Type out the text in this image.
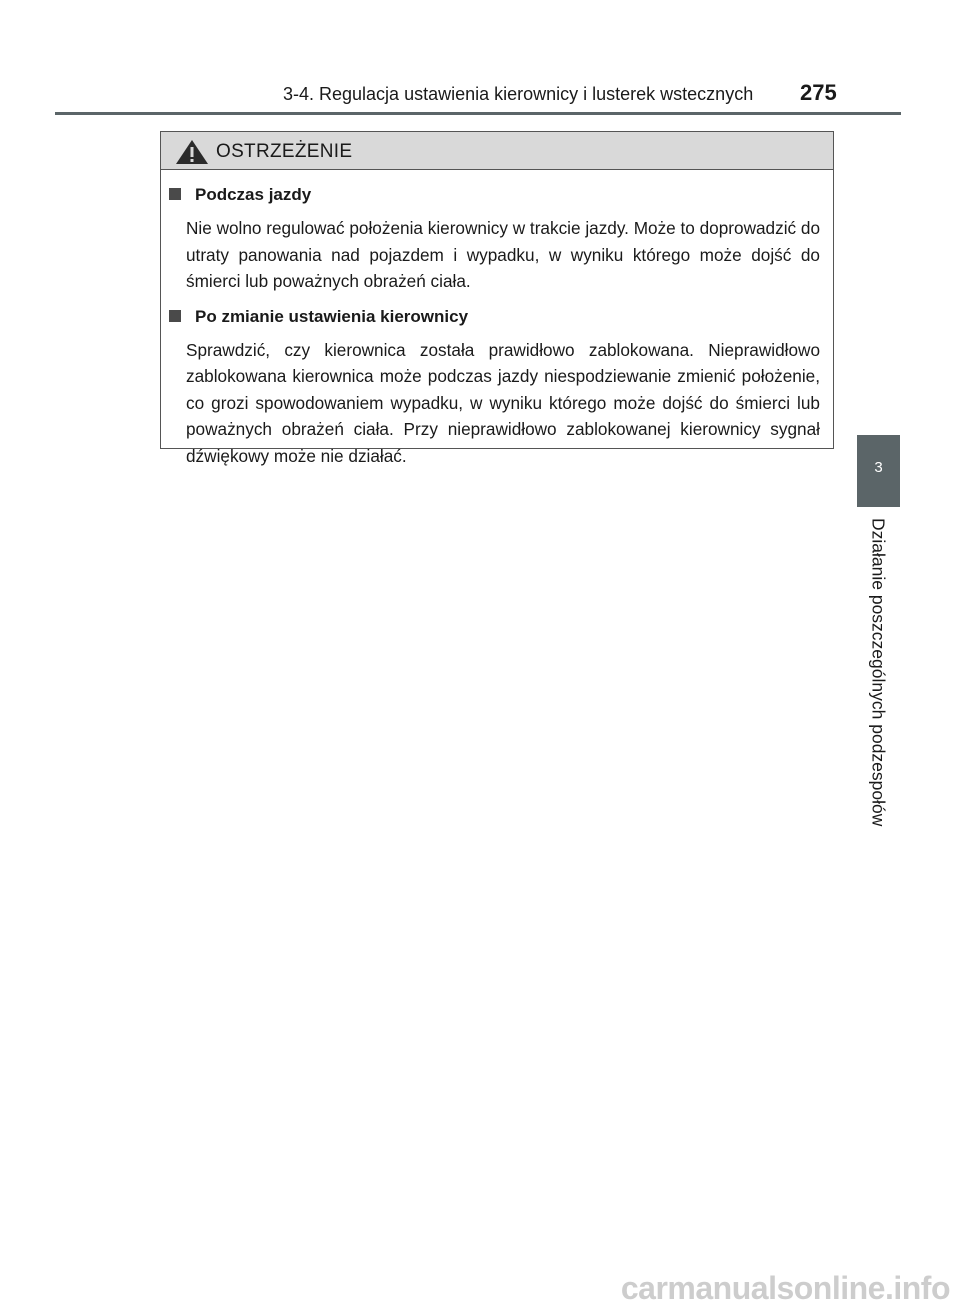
3-4. Regulacja ustawienia kierownicy i lusterek wstecznych	275
OSTRZEŻENIE
Podczas jazdy
Nie wolno regulować położenia kierownicy w trakcie jazdy. Może to doprowadzić do utraty panowania nad pojazdem i wypadku, w wyniku którego może dojść do śmierci lub poważnych obrażeń ciała.
Po zmianie ustawienia kierownicy
Sprawdzić, czy kierownica została prawidłowo zablokowana. Nieprawidłowo zablokowana kierownica może podczas jazdy niespodziewanie zmienić położenie, co grozi spowodowaniem wypadku, w wyniku którego może dojść do śmierci lub poważnych obrażeń ciała. Przy nieprawidłowo zablokowanej kierownicy sygnał dźwiękowy może nie działać.
3
Działanie poszczególnych podzespołów
carmanualsonline.info
